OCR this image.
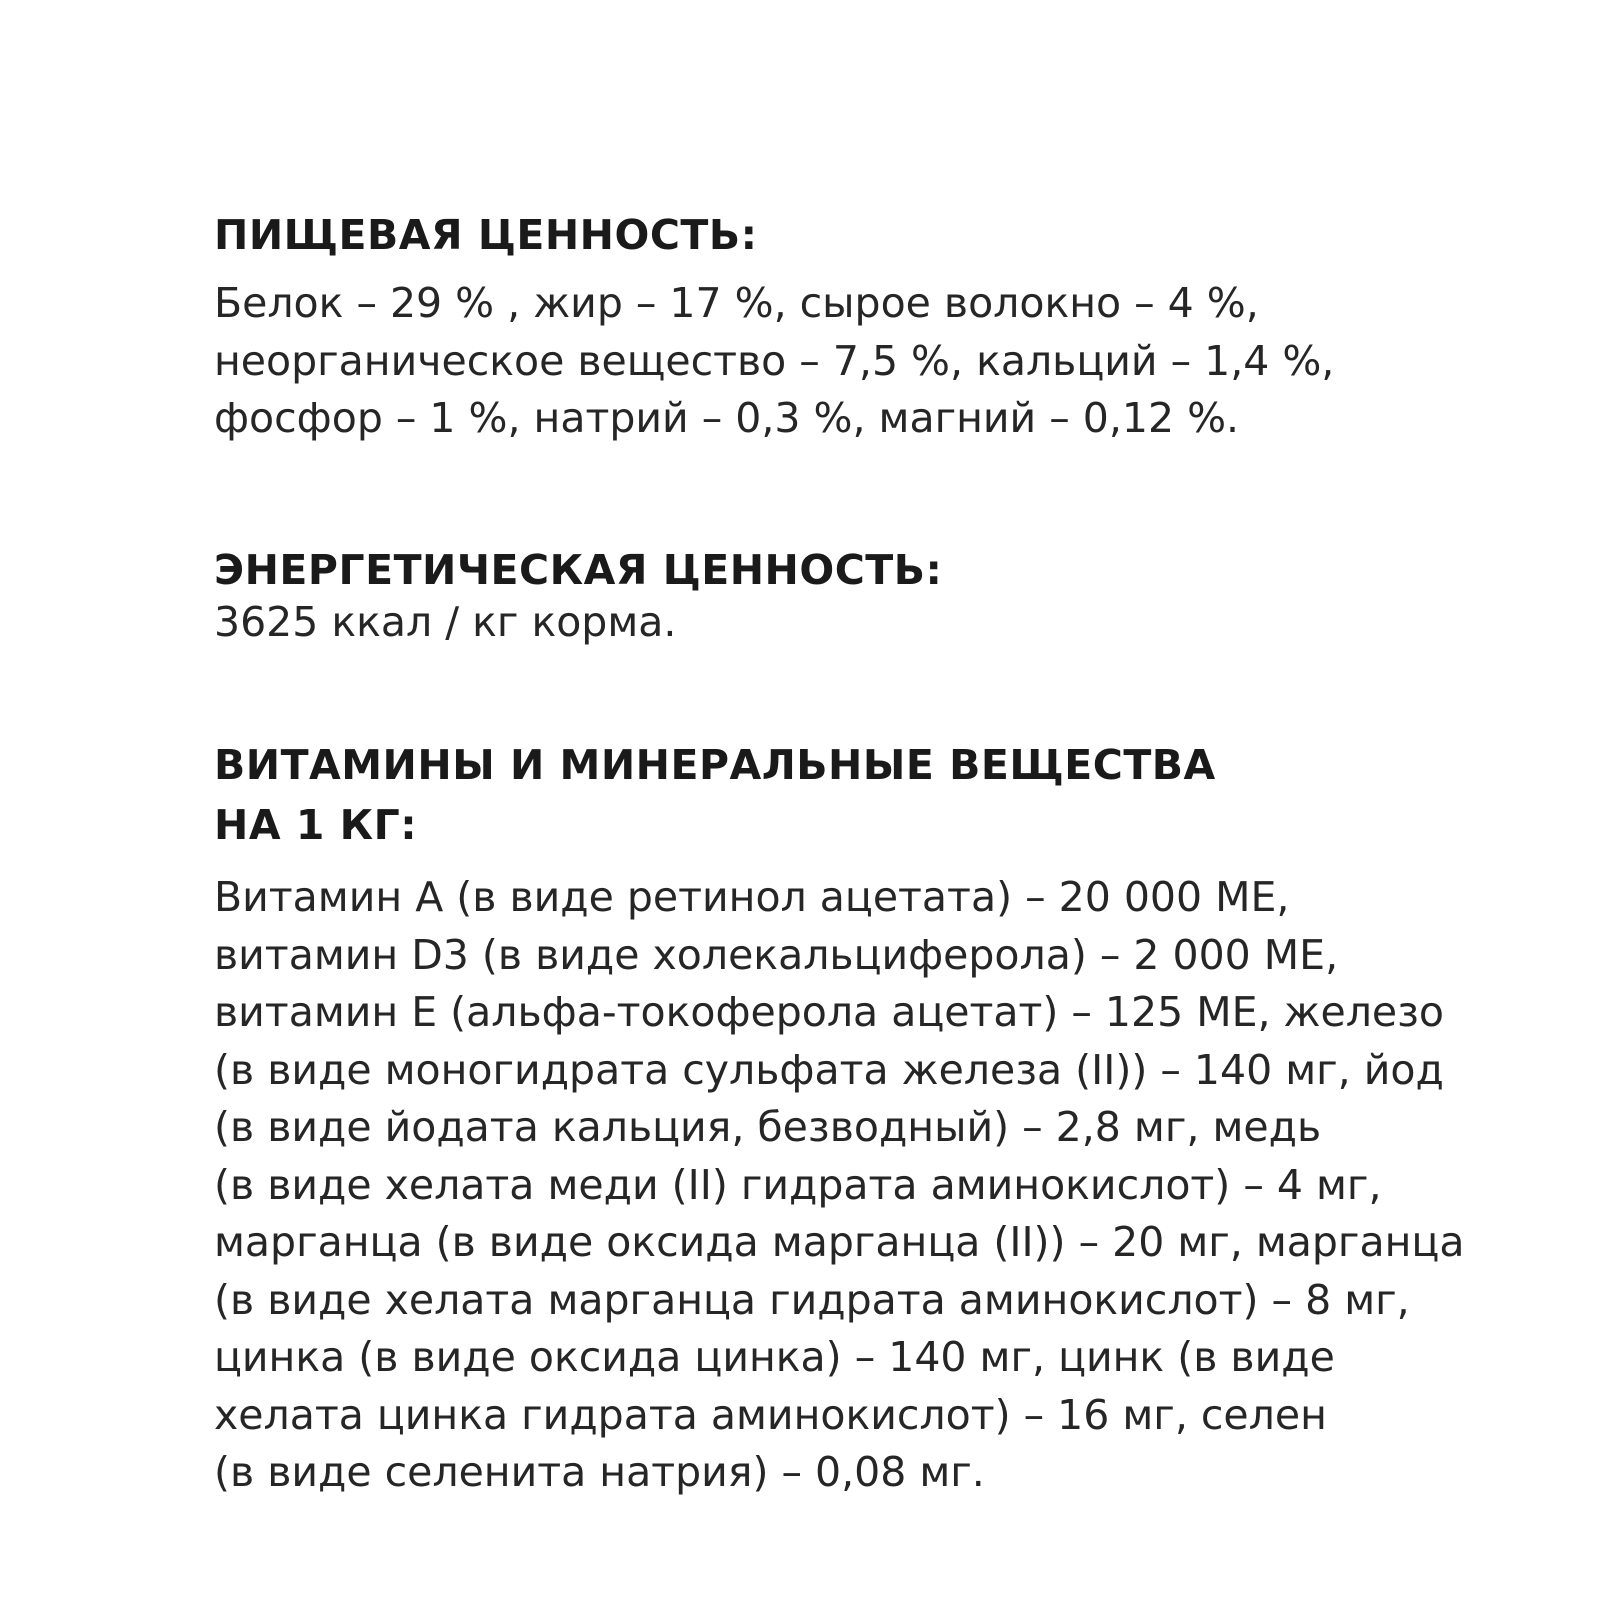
ПИЩЕВАЯ ЦЕННОСТЬ:

Белок – 29 % , жир – 17 %, сырое волокно – 4 %,
неорганическое вещество – 7,5 %, кальций – 1,4 %,
фосфор – 1 %, натрий – 0,3 %, магний – 0,12 %.

ЭНЕРГЕТИЧЕСКАЯ ЦЕННОСТЬ:

3625 ккал / кг корма.

ВИТАМИНЫ И МИНЕРАЛЬНЫЕ ВЕЩЕСТВА
НА 1 КГ:

Витамин А (в виде ретинол ацетата) – 20 000 МЕ,
витамин D3 (в виде холекальциферола) – 2 000 МЕ,
витамин Е (альфа-токоферола ацетат) – 125 МЕ, железо
(в виде моногидрата сульфата железа (II)) – 140 мг, йод
(в виде йодата кальция, безводный) – 2,8 мг, медь
(в виде хелата меди (II) гидрата аминокислот) – 4 мг,
марганца (в виде оксида марганца (II)) – 20 мг, марганца
(в виде хелата марганца гидрата аминокислот) – 8 мг,
цинка (в виде оксида цинка) – 140 мг, цинк (в виде
хелата цинка гидрата аминокислот) – 16 мг, селен
(в виде селенита натрия) – 0,08 мг.
